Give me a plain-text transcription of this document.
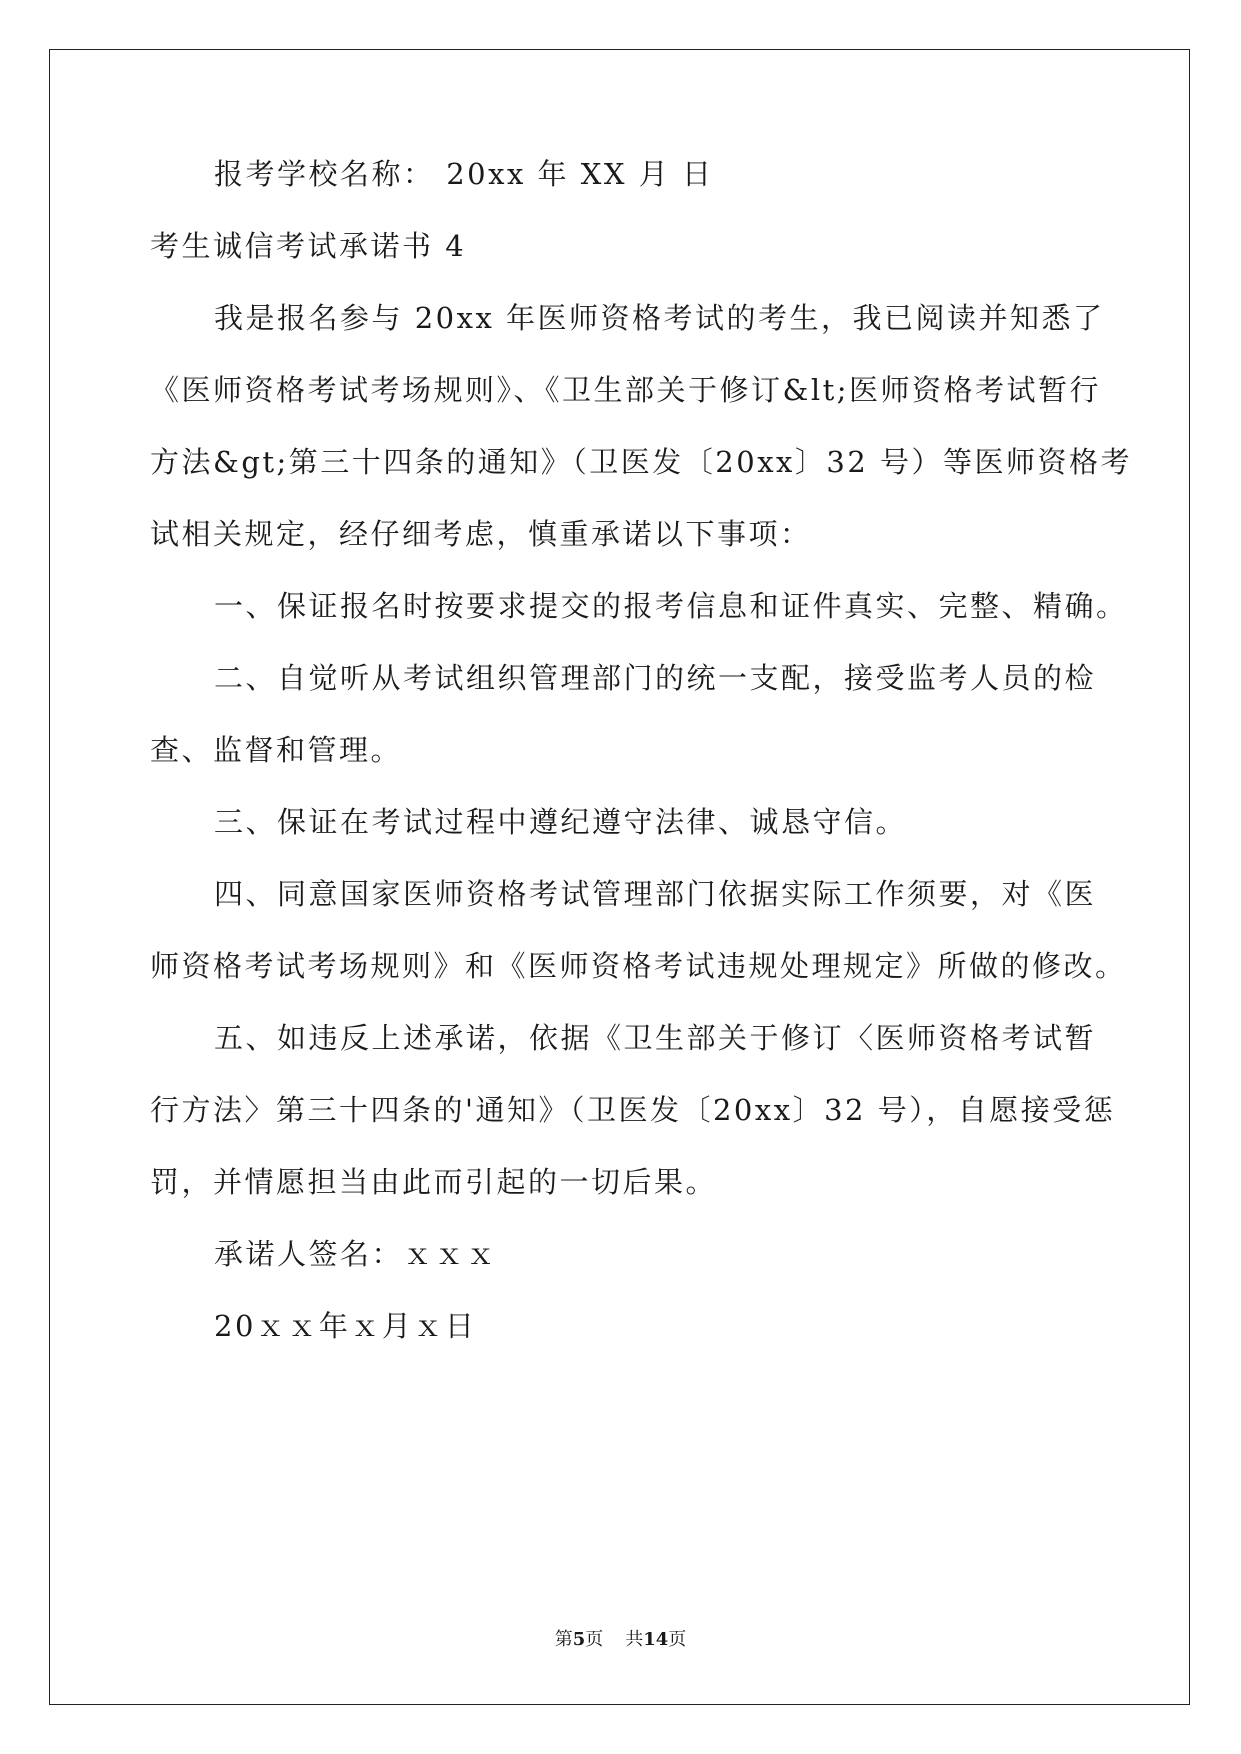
报考学校名称： 20xx 年 XX 月 日
考生诚信考试承诺书 4
我是报名参与 20xx 年医师资格考试的考生，我已阅读并知悉了
《医师资格考试考场规则》、《卫生部关于修订&lt;医师资格考试暂行
方法&gt;第三十四条的通知》（卫医发〔20xx〕32 号）等医师资格考
试相关规定，经仔细考虑，慎重承诺以下事项：
一、保证报名时按要求提交的报考信息和证件真实、完整、精确。
二、自觉听从考试组织管理部门的统一支配，接受监考人员的检
查、监督和管理。
三、保证在考试过程中遵纪遵守法律、诚恳守信。
四、同意国家医师资格考试管理部门依据实际工作须要，对《医
师资格考试考场规则》和《医师资格考试违规处理规定》所做的修改。
五、如违反上述承诺，依据《卫生部关于修订〈医师资格考试暂
行方法〉第三十四条的'通知》（卫医发〔20xx〕32 号），自愿接受惩
罚，并情愿担当由此而引起的一切后果。
承诺人签名：ｘｘｘ
20ｘｘ年ｘ月ｘ日
第5页 共14页
